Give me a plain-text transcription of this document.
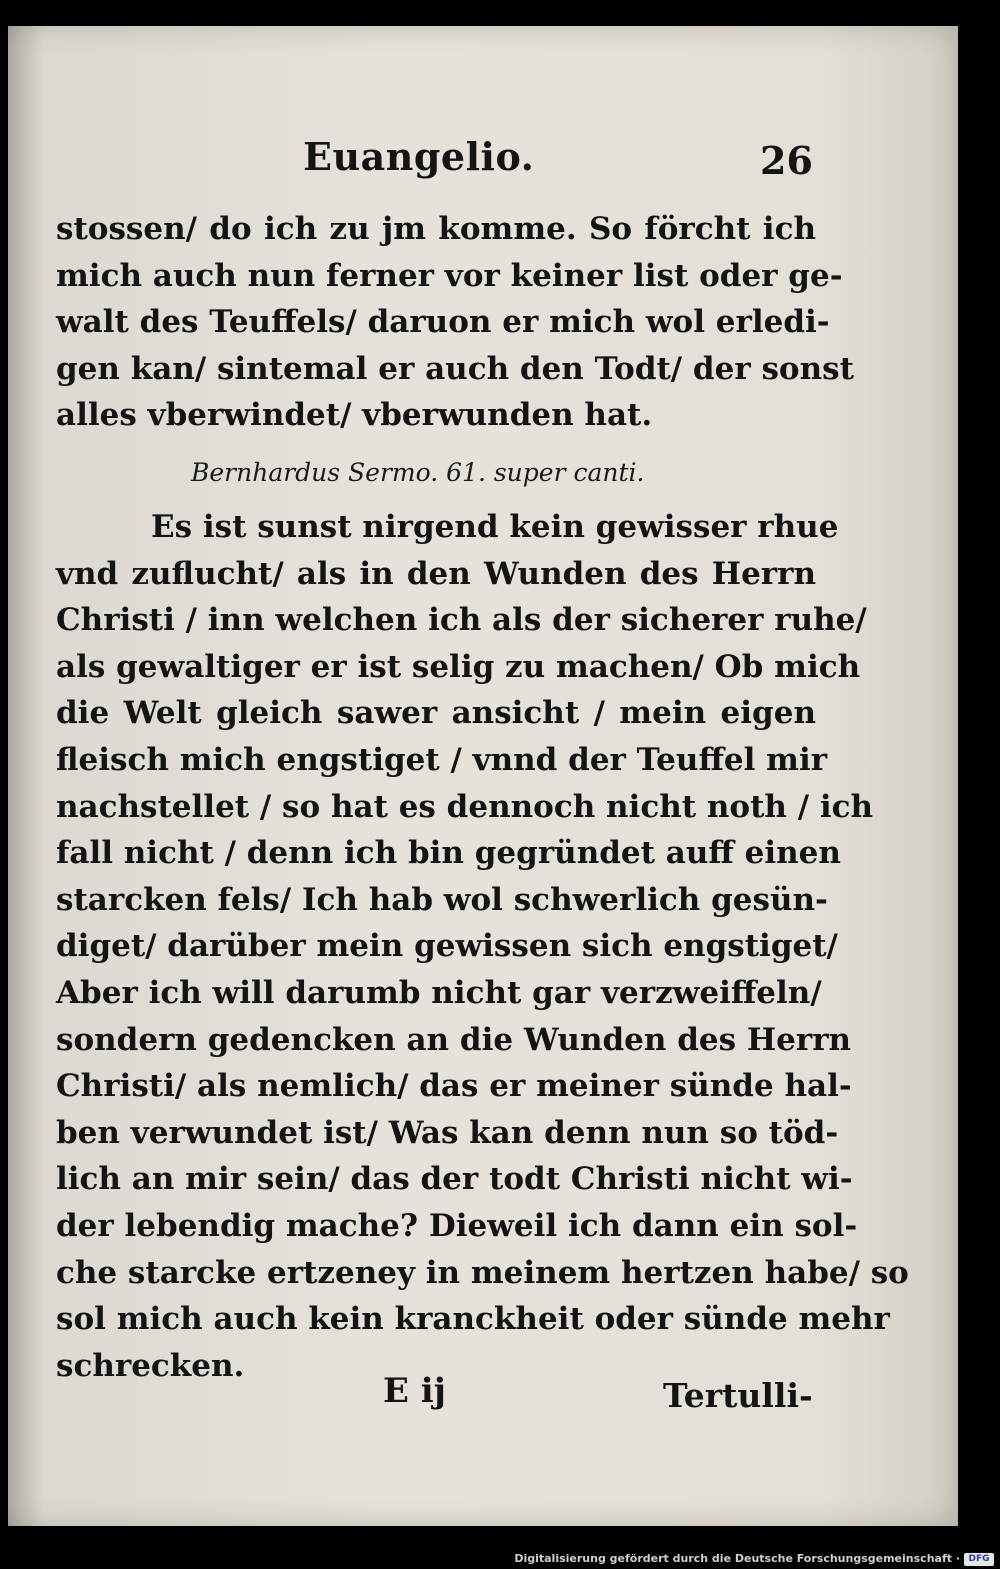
Euangelio.	26
stossen/ do ich zu jm komme. So förcht ich
mich auch nun ferner vor keiner list oder ge-
walt des Teuffels/ daruon er mich wol erledi-
gen kan/ sintemal er auch den Todt/ der sonst
alles vberwindet/ vberwunden hat.
Bernhardus Sermo. 61. super canti.
Es ist sunst nirgend kein gewisser rhue
vnd zuflucht/ als in den Wunden des Herrn
Christi / inn welchen ich als der sicherer ruhe/
als gewaltiger er ist selig zu machen/ Ob mich
die Welt gleich sawer ansicht / mein eigen
fleisch mich engstiget / vnnd der Teuffel mir
nachstellet / so hat es dennoch nicht noth / ich
fall nicht / denn ich bin gegründet auff einen
starcken fels/ Ich hab wol schwerlich gesün-
diget/ darüber mein gewissen sich engstiget/
Aber ich will darumb nicht gar verzweiffeln/
sondern gedencken an die Wunden des Herrn
Christi/ als nemlich/ das er meiner sünde hal-
ben verwundet ist/ Was kan denn nun so töd-
lich an mir sein/ das der todt Christi nicht wi-
der lebendig mache? Dieweil ich dann ein sol-
che starcke ertzeney in meinem hertzen habe/ so
sol mich auch kein kranckheit oder sünde mehr
schrecken.
E ij	Tertulli-
Digitalisierung gefördert durch die Deutsche Forschungsgemeinschaft · DFG
